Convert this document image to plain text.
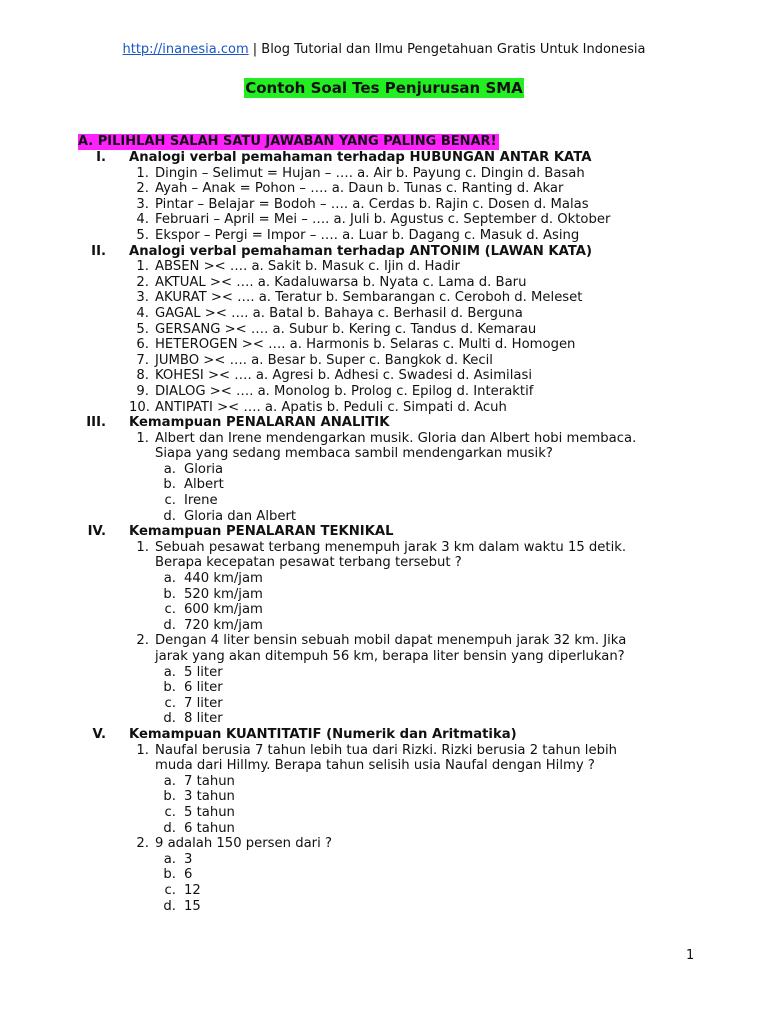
http://inanesia.com | Blog Tutorial dan Ilmu Pengetahuan Gratis Untuk Indonesia
Contoh Soal Tes Penjurusan SMA
A. PILIHLAH SALAH SATU JAWABAN YANG PALING BENAR!
I. Analogi verbal pemahaman terhadap HUBUNGAN ANTAR KATA
1. Dingin – Selimut = Hujan – …. a. Air b. Payung c. Dingin d. Basah
2. Ayah – Anak = Pohon – …. a. Daun b. Tunas c. Ranting d. Akar
3. Pintar – Belajar = Bodoh – …. a. Cerdas b. Rajin c. Dosen d. Malas
4. Februari – April = Mei – …. a. Juli b. Agustus c. September d. Oktober
5. Ekspor – Pergi = Impor – …. a. Luar b. Dagang c. Masuk d. Asing
II. Analogi verbal pemahaman terhadap ANTONIM (LAWAN KATA)
1. ABSEN >< …. a. Sakit b. Masuk c. Ijin d. Hadir
2. AKTUAL >< …. a. Kadaluwarsa b. Nyata c. Lama d. Baru
3. AKURAT >< …. a. Teratur b. Sembarangan c. Ceroboh d. Meleset
4. GAGAL >< …. a. Batal b. Bahaya c. Berhasil d. Berguna
5. GERSANG >< …. a. Subur b. Kering c. Tandus d. Kemarau
6. HETEROGEN >< …. a. Harmonis b. Selaras c. Multi d. Homogen
7. JUMBO >< …. a. Besar b. Super c. Bangkok d. Kecil
8. KOHESI >< …. a. Agresi b. Adhesi c. Swadesi d. Asimilasi
9. DIALOG >< …. a. Monolog b. Prolog c. Epilog d. Interaktif
10. ANTIPATI >< …. a. Apatis b. Peduli c. Simpati d. Acuh
III. Kemampuan PENALARAN ANALITIK
1. Albert dan Irene mendengarkan musik. Gloria dan Albert hobi membaca.
Siapa yang sedang membaca sambil mendengarkan musik?
a. Gloria
b. Albert
c. Irene
d. Gloria dan Albert
IV. Kemampuan PENALARAN TEKNIKAL
1. Sebuah pesawat terbang menempuh jarak 3 km dalam waktu 15 detik.
Berapa kecepatan pesawat terbang tersebut ?
a. 440 km/jam
b. 520 km/jam
c. 600 km/jam
d. 720 km/jam
2. Dengan 4 liter bensin sebuah mobil dapat menempuh jarak 32 km. Jika
jarak yang akan ditempuh 56 km, berapa liter bensin yang diperlukan?
a. 5 liter
b. 6 liter
c. 7 liter
d. 8 liter
V. Kemampuan KUANTITATIF (Numerik dan Aritmatika)
1. Naufal berusia 7 tahun lebih tua dari Rizki. Rizki berusia 2 tahun lebih
muda dari Hillmy. Berapa tahun selisih usia Naufal dengan Hilmy ?
a. 7 tahun
b. 3 tahun
c. 5 tahun
d. 6 tahun
2. 9 adalah 150 persen dari ?
a. 3
b. 6
c. 12
d. 15
1
